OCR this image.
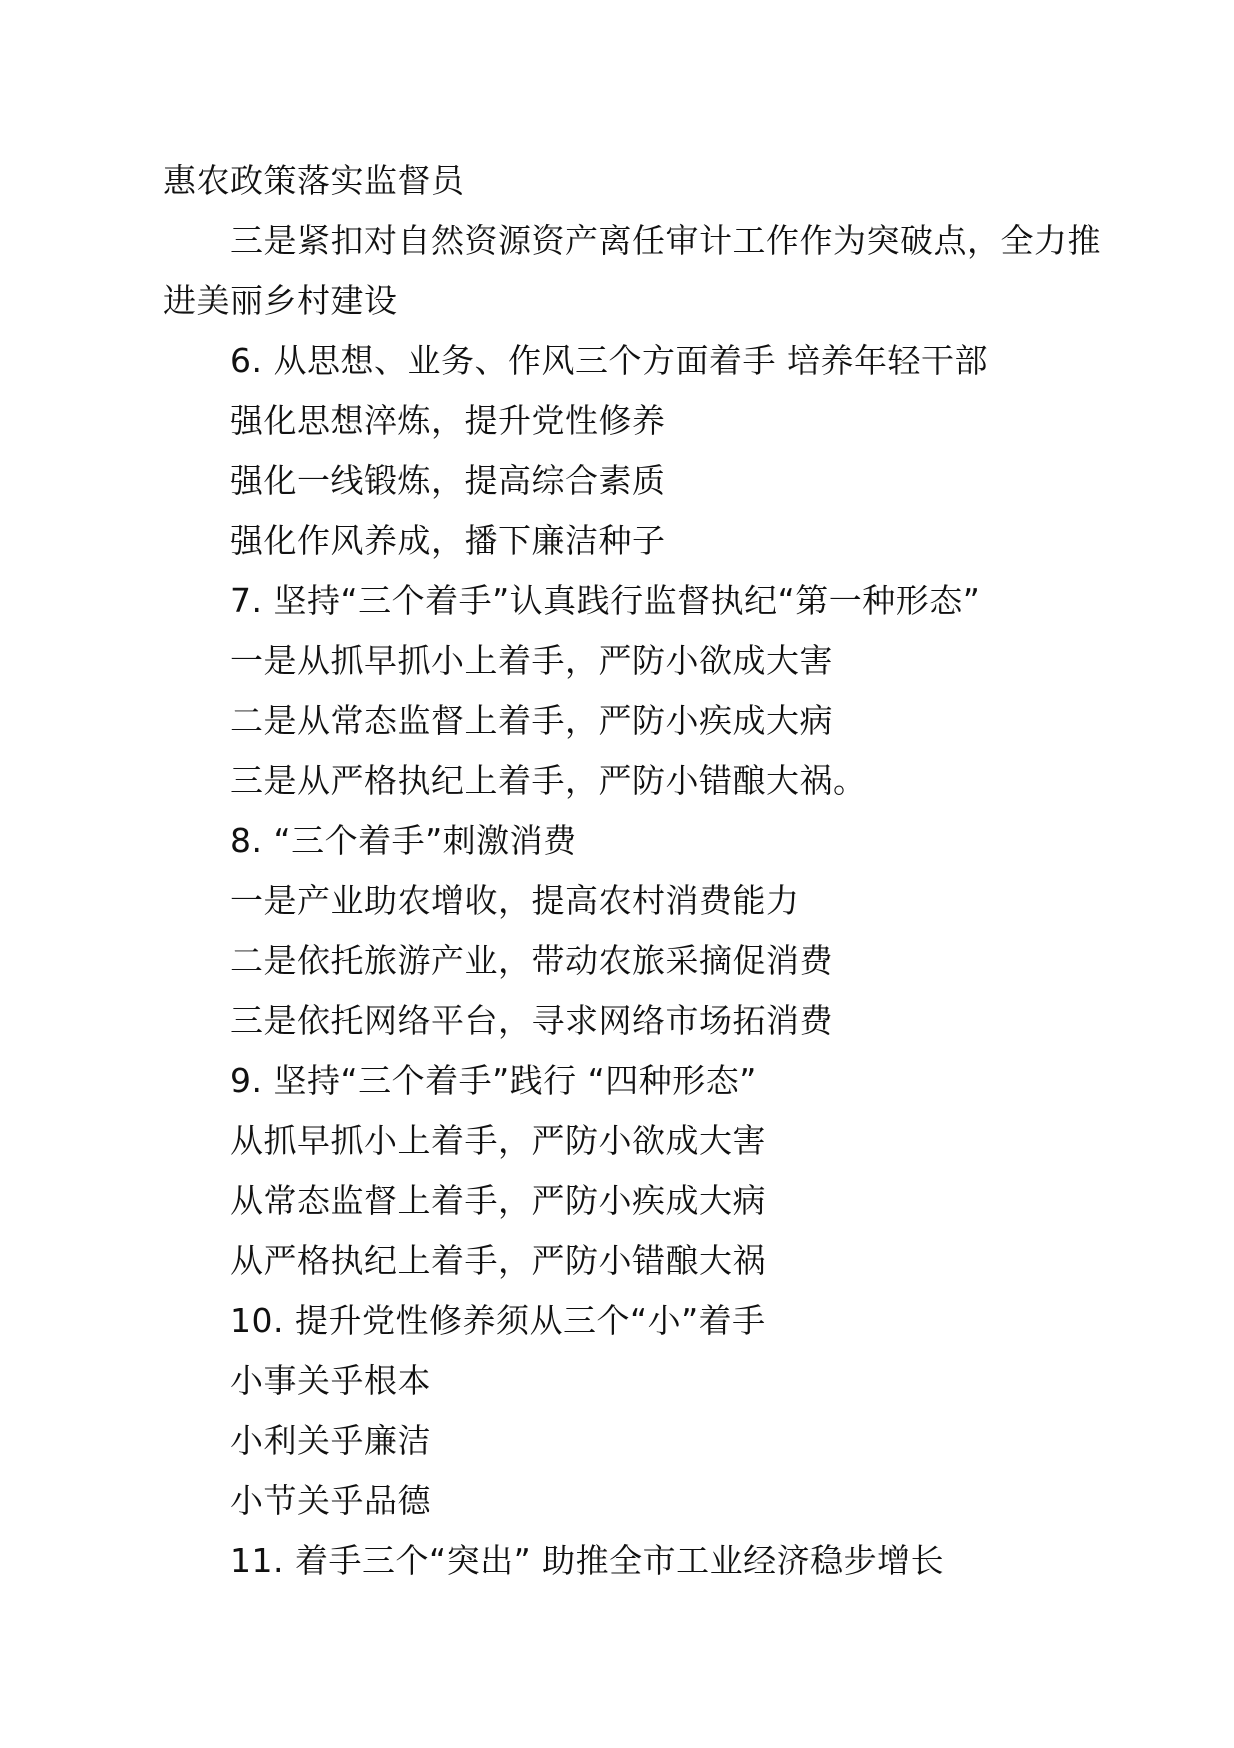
惠农政策落实监督员
三是紧扣对自然资源资产离任审计工作作为突破点，全力推
进美丽乡村建设
6. 从思想、业务、作风三个方面着手 培养年轻干部
强化思想淬炼，提升党性修养
强化一线锻炼，提高综合素质
强化作风养成，播下廉洁种子
7. 坚持“三个着手”认真践行监督执纪“第一种形态”
一是从抓早抓小上着手，严防小欲成大害
二是从常态监督上着手，严防小疾成大病
三是从严格执纪上着手，严防小错酿大祸。
8. “三个着手”刺激消费
一是产业助农增收，提高农村消费能力
二是依托旅游产业，带动农旅采摘促消费
三是依托网络平台，寻求网络市场拓消费
9. 坚持“三个着手”践行 “四种形态”
从抓早抓小上着手，严防小欲成大害
从常态监督上着手，严防小疾成大病
从严格执纪上着手，严防小错酿大祸
10. 提升党性修养须从三个“小”着手
小事关乎根本
小利关乎廉洁
小节关乎品德
11. 着手三个“突出” 助推全市工业经济稳步增长
